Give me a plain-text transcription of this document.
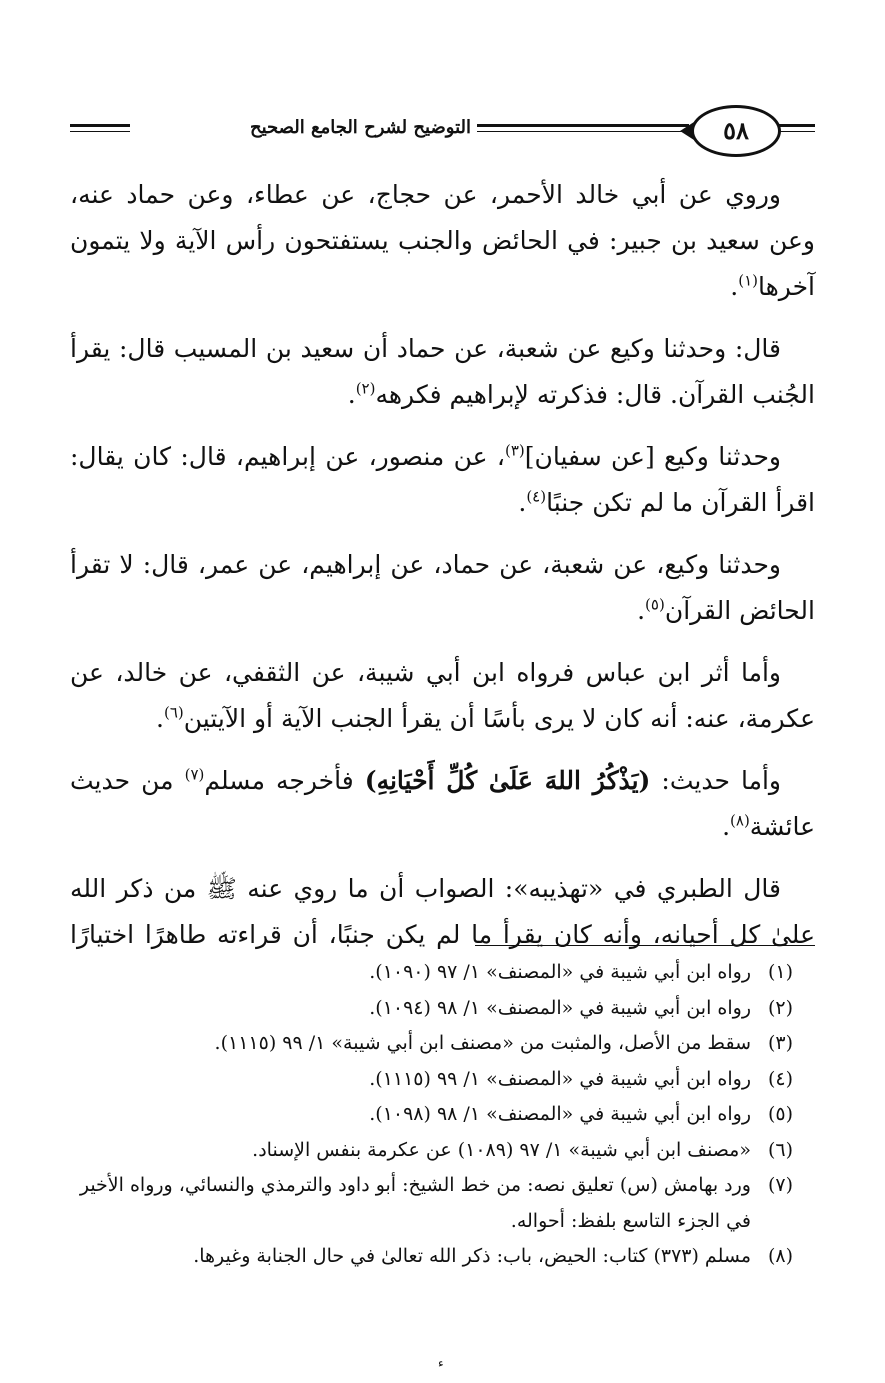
٥٨
التوضيح لشرح الجامع الصحيح

وروي عن أبي خالد الأحمر، عن حجاج، عن عطاء، وعن حماد عنه، وعن سعيد بن جبير: في الحائض والجنب يستفتحون رأس الآية ولا يتمون آخرها$^{(١)}$.

قال: وحدثنا وكيع عن شعبة، عن حماد أن سعيد بن المسيب قال: يقرأ الجُنب القرآن. قال: فذكرته لإبراهيم فكرهه$^{(٢)}$.

وحدثنا وكيع [عن سفيان]$^{(٣)}$، عن منصور، عن إبراهيم، قال: كان يقال: اقرأ القرآن ما لم تكن جنبًا$^{(٤)}$.

وحدثنا وكيع، عن شعبة، عن حماد، عن إبراهيم، عن عمر، قال: لا تقرأ الحائض القرآن$^{(٥)}$.

وأما أثر ابن عباس فرواه ابن أبي شيبة، عن الثقفي، عن خالد، عن عكرمة، عنه: أنه كان لا يرى بأسًا أن يقرأ الجنب الآية أو الآيتين$^{(٦)}$.

وأما حديث: (يَذْكُرُ اللهَ عَلَىٰ كُلِّ أَحْيَانِهِ) فأخرجه مسلم$^{(٧)}$ من حديث عائشة$^{(٨)}$.

قال الطبري في «تهذيبه»: الصواب أن ما روي عنه ﷺ من ذكر الله علىٰ كل أحيانه، وأنه كان يقرأ ما لم يكن جنبًا، أن قراءته طاهرًا اختيارًا

(١)
رواه ابن أبي شيبة في «المصنف» ١/ ٩٧ (١٠٩٠).
(٢)
رواه ابن أبي شيبة في «المصنف» ١/ ٩٨ (١٠٩٤).
(٣)
سقط من الأصل، والمثبت من «مصنف ابن أبي شيبة» ١/ ٩٩ (١١١٥).
(٤)
رواه ابن أبي شيبة في «المصنف» ١/ ٩٩ (١١١٥).
(٥)
رواه ابن أبي شيبة في «المصنف» ١/ ٩٨ (١٠٩٨).
(٦)
«مصنف ابن أبي شيبة» ١/ ٩٧ (١٠٨٩) عن عكرمة بنفس الإسناد.
(٧)
ورد بهامش (س) تعليق نصه: من خط الشيخ: أبو داود والترمذي والنسائي، ورواه الأخير في الجزء التاسع بلفظ: أحواله.
(٨)
مسلم (٣٧٣) كتاب: الحيض، باب: ذكر الله تعالىٰ في حال الجنابة وغيرها.
ء
